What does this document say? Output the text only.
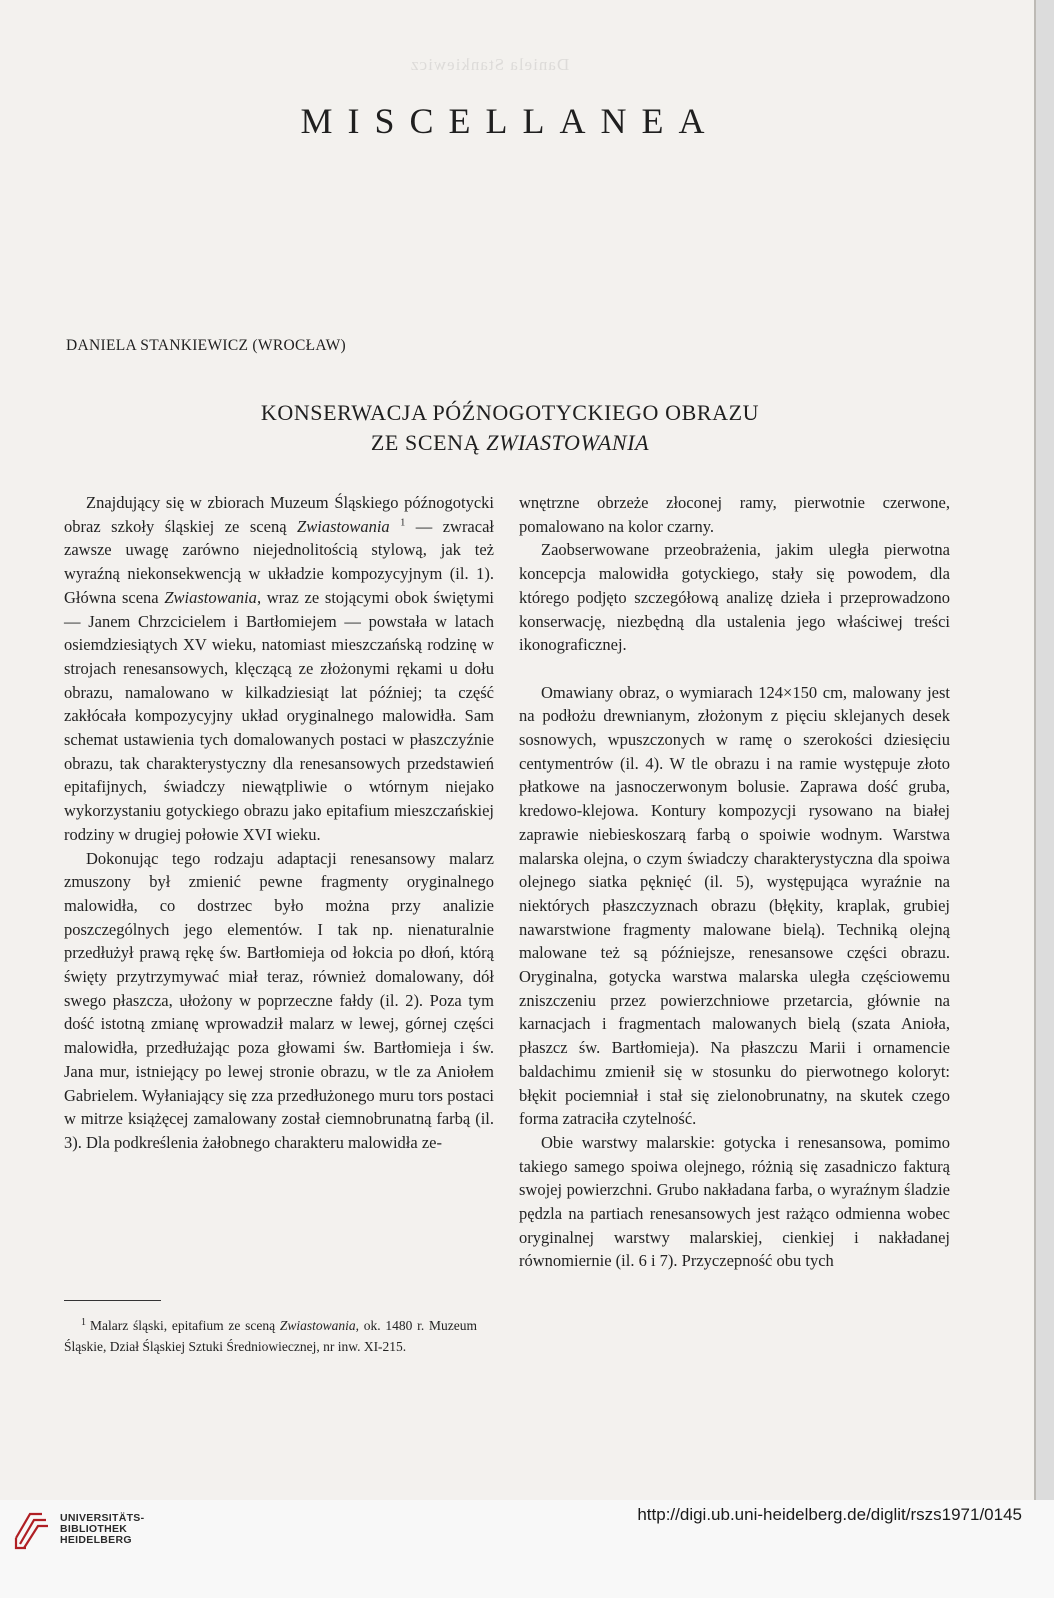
Daniela Stankiewicz
MISCELLANEA
DANIELA STANKIEWICZ (WROCŁAW)
KONSERWACJA PÓŹNOGOTYCKIEGO OBRAZU
ZE SCENĄ ZWIASTOWANIA

Znajdujący się w zbiorach Muzeum Śląskiego późnogotycki obraz szkoły śląskiej ze sceną Zwiastowania $^1$ — zwracał zawsze uwagę zarówno niejednolitością stylową, jak też wyraźną niekonsekwencją w układzie kompozycyjnym (il. 1). Główna scena Zwiastowania, wraz ze stojącymi obok świętymi — Janem Chrzcicielem i Bartłomiejem — powstała w latach osiemdziesiątych XV wieku, natomiast mieszczańską rodzinę w strojach renesansowych, klęczącą ze złożonymi rękami u dołu obrazu, namalowano w kilkadziesiąt lat później; ta część zakłócała kompozycyjny układ oryginalnego malowidła. Sam schemat ustawienia tych domalowanych postaci w płaszczyźnie obrazu, tak charakterystyczny dla renesansowych przedstawień epitafijnych, świadczy niewątpliwie o wtórnym niejako wykorzystaniu gotyckiego obrazu jako epitafium mieszczańskiej rodziny w drugiej połowie XVI wieku.

Dokonując tego rodzaju adaptacji renesansowy malarz zmuszony był zmienić pewne fragmenty oryginalnego malowidła, co dostrzec było można przy analizie poszczególnych jego elementów. I tak np. nienaturalnie przedłużył prawą rękę św. Bartłomieja od łokcia po dłoń, którą święty przytrzymywać miał teraz, również domalowany, dół swego płaszcza, ułożony w poprzeczne fałdy (il. 2). Poza tym dość istotną zmianę wprowadził malarz w lewej, górnej części malowidła, przedłużając poza głowami św. Bartłomieja i św. Jana mur, istniejący po lewej stronie obrazu, w tle za Aniołem Gabrielem. Wyłaniający się zza przedłużonego muru tors postaci w mitrze książęcej zamalowany został ciemnobrunatną farbą (il. 3). Dla podkreślenia żałobnego charakteru malowidła ze-

wnętrzne obrzeże złoconej ramy, pierwotnie czerwone, pomalowano na kolor czarny.

Zaobserwowane przeobrażenia, jakim uległa pierwotna koncepcja malowidła gotyckiego, stały się powodem, dla którego podjęto szczegółową analizę dzieła i przeprowadzono konserwację, niezbędną dla ustalenia jego właściwej treści ikonograficznej.

Omawiany obraz, o wymiarach 124×150 cm, malowany jest na podłożu drewnianym, złożonym z pięciu sklejanych desek sosnowych, wpuszczonych w ramę o szerokości dziesięciu centymentrów (il. 4). W tle obrazu i na ramie występuje złoto płatkowe na jasnoczerwonym bolusie. Zaprawa dość gruba, kredowo-klejowa. Kontury kompozycji rysowano na białej zaprawie niebieskoszarą farbą o spoiwie wodnym. Warstwa malarska olejna, o czym świadczy charakterystyczna dla spoiwa olejnego siatka pęknięć (il. 5), występująca wyraźnie na niektórych płaszczyznach obrazu (błękity, kraplak, grubiej nawarstwione fragmenty malowane bielą). Techniką olejną malowane też są późniejsze, renesansowe części obrazu. Oryginalna, gotycka warstwa malarska uległa częściowemu zniszczeniu przez powierzchniowe przetarcia, głównie na karnacjach i fragmentach malowanych bielą (szata Anioła, płaszcz św. Bartłomieja). Na płaszczu Marii i ornamencie baldachimu zmienił się w stosunku do pierwotnego koloryt: błękit pociemniał i stał się zielonobrunatny, na skutek czego forma zatraciła czytelność.

Obie warstwy malarskie: gotycka i renesansowa, pomimo takiego samego spoiwa olejnego, różnią się zasadniczo fakturą swojej powierzchni. Grubo nakładana farba, o wyraźnym śladzie pędzla na partiach renesansowych jest rażąco odmienna wobec oryginalnej warstwy malarskiej, cienkiej i nakładanej równomiernie (il. 6 i 7). Przyczepność obu tych

$^1$ Malarz śląski, epitafium ze sceną Zwiastowania, ok. 1480 r. Muzeum Śląskie, Dział Śląskiej Sztuki Średniowiecznej, nr inw. XI-215.
UNIVERSITÄTS-
BIBLIOTHEK
HEIDELBERG
http://digi.ub.uni-heidelberg.de/diglit/rszs1971/0145
